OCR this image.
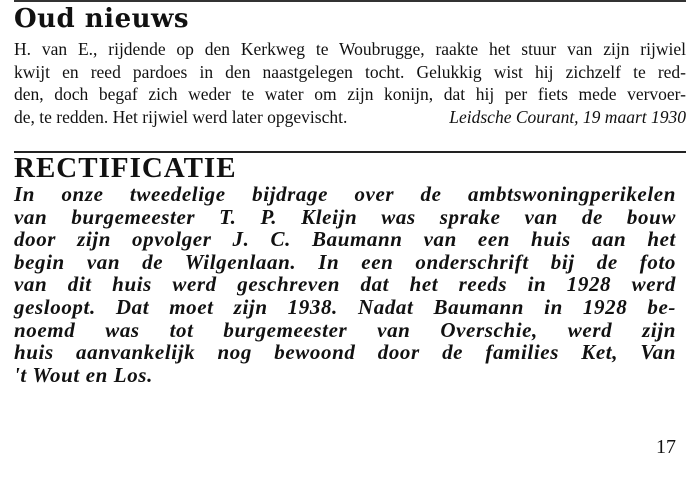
Oud nieuws
H. van E., rijdende op den Kerkweg te Woubrugge, raakte het stuur van zijn rijwiel
kwijt en reed pardoes in den naastgelegen tocht. Gelukkig wist hij zichzelf te red-
den, doch begaf zich weder te water om zijn konijn, dat hij per fiets mede vervoer-
de, te redden. Het rijwiel werd later opgevischt.	Leidsche Courant, 19 maart 1930
RECTIFICATIE
In onze tweedelige bijdrage over de ambtswoningperikelen
van burgemeester T. P. Kleijn was sprake van de bouw
door zijn opvolger J. C. Baumann van een huis aan het
begin van de Wilgenlaan. In een onderschrift bij de foto
van dit huis werd geschreven dat het reeds in 1928 werd
gesloopt. Dat moet zijn 1938. Nadat Baumann in 1928 be-
noemd was tot burgemeester van Overschie, werd zijn
huis aanvankelijk nog bewoond door de families Ket, Van
't Wout en Los.

17
